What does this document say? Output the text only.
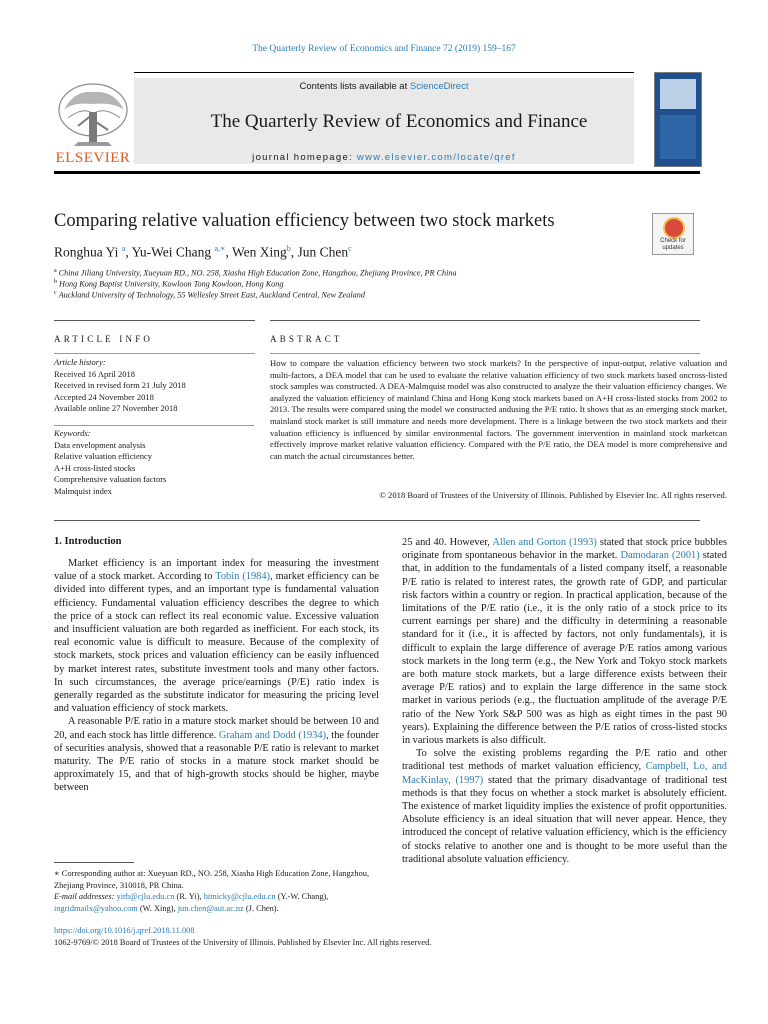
The Quarterly Review of Economics and Finance 72 (2019) 159–167
Contents lists available at ScienceDirect
The Quarterly Review of Economics and Finance
journal homepage: www.elsevier.com/locate/qref
ELSEVIER
Comparing relative valuation efficiency between two stock markets
Check for updates
Ronghua Yi $^a$, Yu-Wei Chang $^{a,∗}$, Wen Xing$^b$, Jun Chen$^c$
$^a$ China Jiliang University, Xueyuan RD., NO. 258, Xiasha High Education Zone, Hangzhou, Zhejiang Province, PR China
$^b$ Hong Kong Baptist University, Kowloon Tong Kowloon, Hong Kong
$^c$ Auckland University of Technology, 55 Wellesley Street East, Auckland Central, New Zealand
ARTICLE INFO	ABSTRACT
Article history:
Received 16 April 2018
Received in revised form 21 July 2018
Accepted 24 November 2018
Available online 27 November 2018
Keywords:
Data envelopment analysis
Relative valuation efficiency
A+H cross-listed stocks
Comprehensive valuation factors
Malmquist index
How to compare the valuation efficiency between two stock markets? In the perspective of input-output, relative valuation and multi-factors, a DEA model that can be used to evaluate the relative valuation efficiency of two stock markets based oncross-listed stock samples was constructed. A DEA-Malmquist model was also constructed to analyze the their valuation efficiency changes. We analyzed the valuation efficiency of mainland China and Hong Kong stock markets based on A+H cross-listed stocks from 2002 to 2013. The results were compared using the model we constructed andusing the P/E ratio. It shows that as an emerging stock market, mainland stock market is still immature and needs more development. There is a linkage between the two stock markets and their valuation efficiency is influenced by similar environmental factors. The government intervention in mainland stock marketcan effectively improve market relative valuation efficiency. Compared with the P/E ratio, the DEA model is more comprehensive and can match the actual circumstances better.
© 2018 Board of Trustees of the University of Illinois. Published by Elsevier Inc. All rights reserved.
1. Introduction

Market efficiency is an important index for measuring the investment value of a stock market. According to Tobin (1984), market efficiency can be divided into different types, and an important type is fundamental valuation efficiency. Fundamental valuation efficiency describes the degree to which the price of a stock can reflect its real economic value. Excessive valuation and insufficient valuation are both regarded as inefficient. For each stock, its real economic value is difficult to measure. Because of the complexity of stock markets, stock prices and valuation efficiency can be easily influenced by market interest rates, substitute investment tools and many other factors. In such circumstances, the average price/earnings (P/E) ratio index is generally regarded as the substitute indicator for measuring the pricing level and valuation efficiency of stock markets.

A reasonable P/E ratio in a mature stock market should be between 10 and 20, and each stock has little difference. Graham and Dodd (1934), the founder of securities analysis, showed that a reasonable P/E ratio is relevant to market maturity. The P/E ratio of stocks in a mature stock market should be approximately 15, and that of high-growth stocks should be higher, maybe between

25 and 40. However, Allen and Gorton (1993) stated that stock price bubbles originate from spontaneous behavior in the market. Damodaran (2001) stated that, in addition to the fundamentals of a listed company itself, a reasonable P/E ratio is related to interest rates, the growth rate of GDP, and particular risk factors within a country or region. In practical application, because of the limitations of the P/E ratio (i.e., it is the only ratio of a stock price to its current earnings per share) and the difficulty in determining a reasonable standard for it (i.e., it is affected by factors, not only fundamentals), it is difficult to explain the large difference of average P/E ratios among various stock markets in the long term (e.g., the New York and Tokyo stock markets are both mature stock markets, but a large difference exists between their average P/E ratios) and to explain the large difference in the same stock market in various periods (e.g., the fluctuation amplitude of the average P/E ratio of the New York S&P 500 was as high as eight times in the past 90 years). Explaining the difference between the P/E ratios of cross-listed stocks in various markets is also difficult.

To solve the existing problems regarding the P/E ratio and other traditional test methods of market valuation efficiency, Campbell, Lo, and MacKinlay, (1997) stated that the primary disadvantage of traditional test methods is that they focus on whether a stock market is absolutely efficient. The existence of market liquidity implies the existence of profit opportunities. Absolute efficiency is an ideal situation that will never appear. Hence, they introduced the concept of relative valuation efficiency, which is the efficiency of stocks relative to another one and is thought to be more useful than the traditional absolute valuation efficiency.

∗ Corresponding author at: Xueyuan RD., NO. 258, Xiasha High Education Zone, Hangzhou, Zhejiang Province, 310018, PR China.
E-mail addresses: yirh@cjlu.edu.cn (R. Yi), hitnicky@cjlu.edu.cn (Y.-W. Chang),
ingridmailx@yahoo.com (W. Xing), jun.chen@aut.ac.nz (J. Chen).
https://doi.org/10.1016/j.qref.2018.11.008
1062-9769/© 2018 Board of Trustees of the University of Illinois. Published by Elsevier Inc. All rights reserved.
